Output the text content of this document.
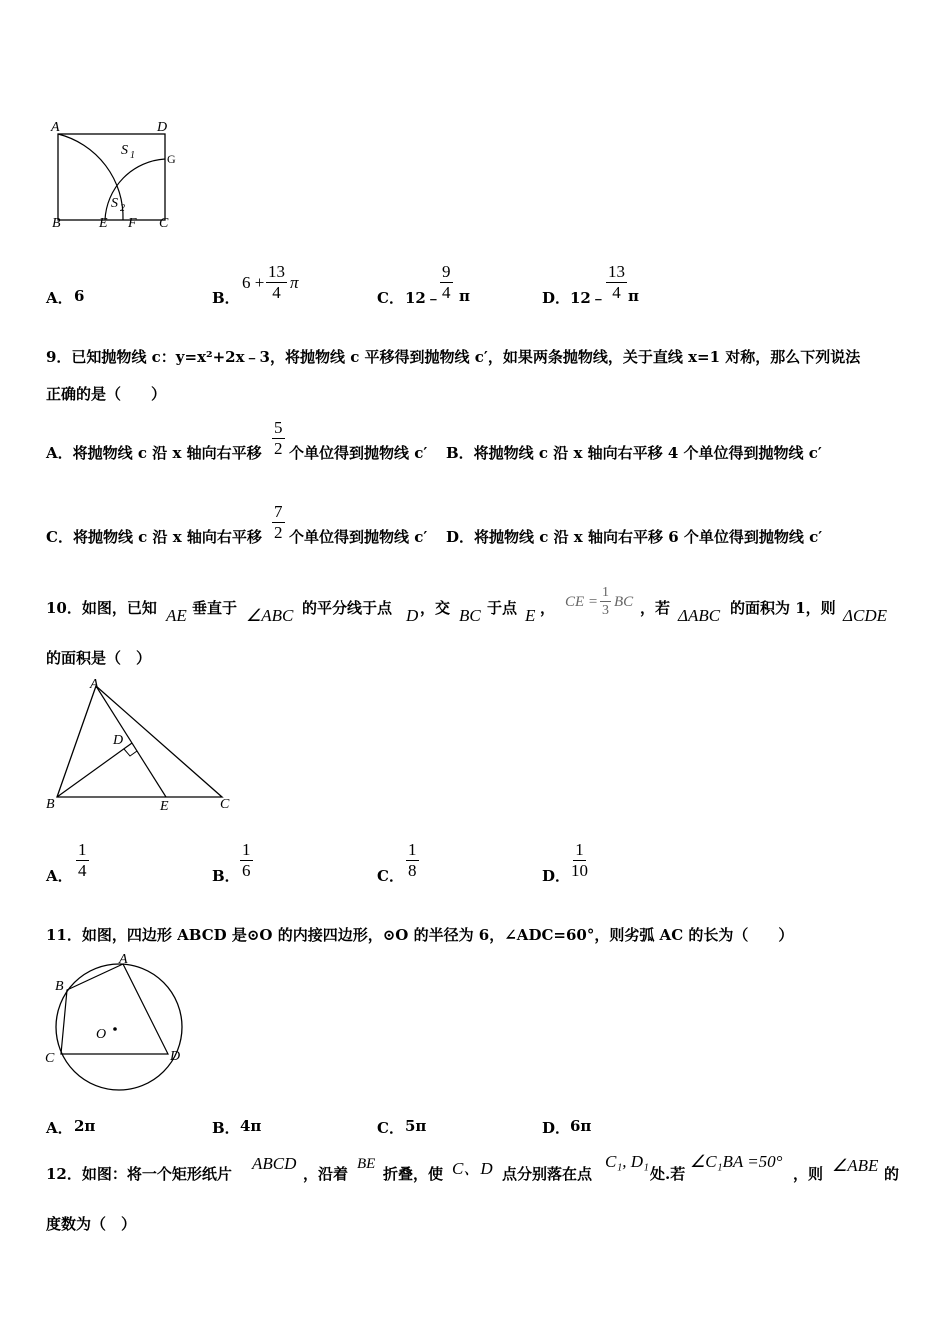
A	D
S 1	G
S 2
B	E F C
A． 6	B．
$6 + \frac{13}{4}$ π
C． 12﹣ $\frac{9}{4}$ π	D． 12﹣ $\frac{13}{4}$ π
9．已知抛物线 c：y=x²+2x﹣3，将抛物线 c 平移得到抛物线 c′，如果两条抛物线，关于直线 x=1 对称，那么下列说法
正确的是（　　）
A．将抛物线 c 沿 x 轴向右平移 $\frac{5}{2}$ 个单位得到抛物线 c′ B．将抛物线 c 沿 x 轴向右平移 4 个单位得到抛物线 c′
C．将抛物线 c 沿 x 轴向右平移 $\frac{7}{2}$ 个单位得到抛物线 c′ D．将抛物线 c 沿 x 轴向右平移 6 个单位得到抛物线 c′
10．如图，已知 AE 垂直于 ∠ABC 的平分线于点 D ，交 BC 于点 E ， CE = $\frac{1}{3}$ BC ，若 ΔABC 的面积为 1，则 ΔCDE
的面积是（　）
A
D
B	E	C
A． $\frac{1}{4}$	B． $\frac{1}{6}$	C． $\frac{1}{8}$	D． $\frac{1}{10}$
11．如图，四边形 ABCD 是⊙O 的内接四边形，⊙O 的半径为 6，∠ADC=60°，则劣弧 AC 的长为（　　）
A
B
O
C	D
A． 2π	B． 4π	C． 5π	D． 6π
12．如图：将一个矩形纸片
ABCD
，沿着
BE
折叠，使 C、D 点分别落在点
C₁, D₁
处.若
∠C₁BA =50°
，则 ∠ABE 的
度数为（　）
